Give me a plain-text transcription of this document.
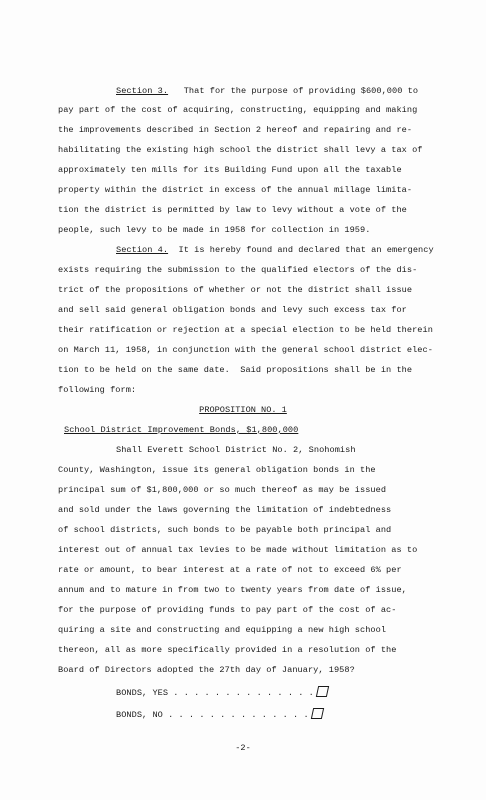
Section 3. That for the purpose of providing $600,000 to
pay part of the cost of acquiring, constructing, equipping and making
the improvements described in Section 2 hereof and repairing and re-
habilitating the existing high school the district shall levy a tax of
approximately ten mills for its Building Fund upon all the taxable
property within the district in excess of the annual millage limita-
tion the district is permitted by law to levy without a vote of the
people, such levy to be made in 1958 for collection in 1959.
Section 4. It is hereby found and declared that an emergency
exists requiring the submission to the qualified electors of the dis-
trict of the propositions of whether or not the district shall issue
and sell said general obligation bonds and levy such excess tax for
their ratification or rejection at a special election to be held therein
on March 11, 1958, in conjunction with the general school district elec-
tion to be held on the same date.  Said propositions shall be in the
following form:
PROPOSITION NO. 1
School District Improvement Bonds, $1,800,000
Shall Everett School District No. 2, Snohomish
County, Washington, issue its general obligation bonds in the
principal sum of $1,800,000 or so much thereof as may be issued
and sold under the laws governing the limitation of indebtedness
of school districts, such bonds to be payable both principal and
interest out of annual tax levies to be made without limitation as to
rate or amount, to bear interest at a rate of not to exceed 6% per
annum and to mature in from two to twenty years from date of issue,
for the purpose of providing funds to pay part of the cost of ac-
quiring a site and constructing and equipping a new high school
thereon, all as more specifically provided in a resolution of the
Board of Directors adopted the 27th day of January, 1958?
BONDS, YES . . . . . . . . . . . . . .
BONDS, NO . . . . . . . . . . . . . .
-2-
